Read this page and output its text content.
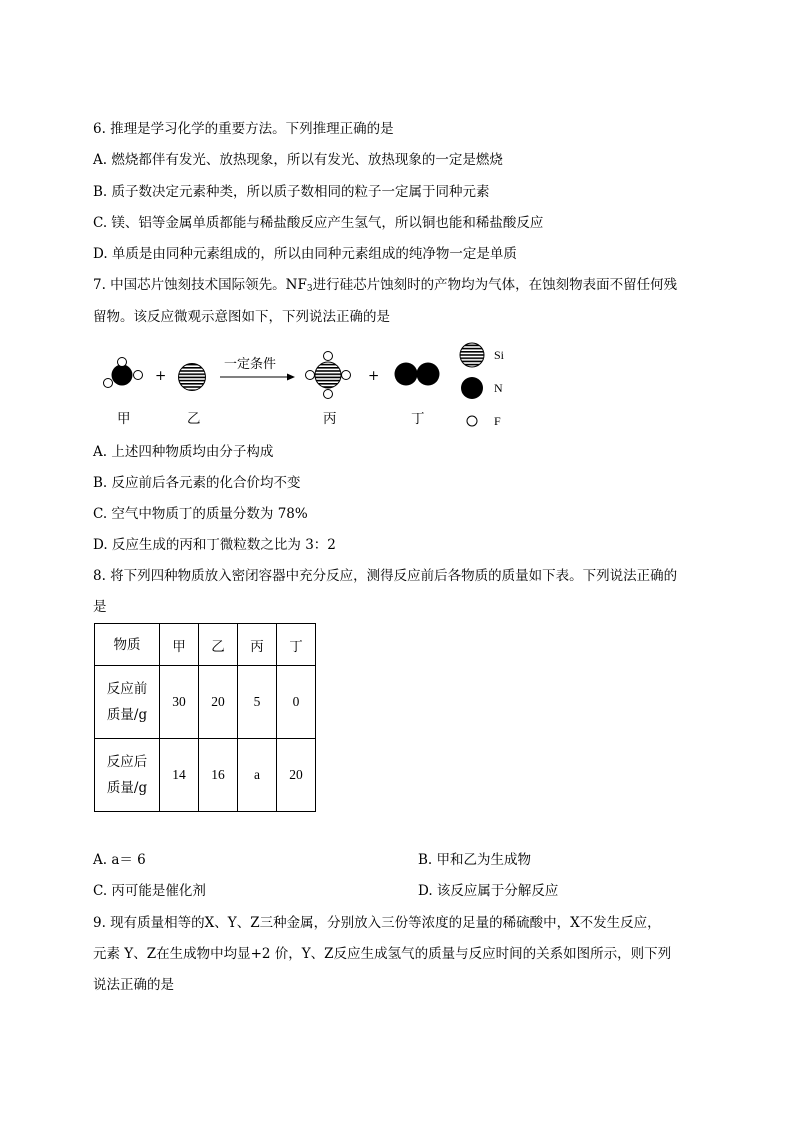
6. 推理是学习化学的重要方法。下列推理正确的是
A. 燃烧都伴有发光、放热现象，所以有发光、放热现象的一定是燃烧
B. 质子数决定元素种类，所以质子数相同的粒子一定属于同种元素
C. 镁、铝等金属单质都能与稀盐酸反应产生氢气，所以铜也能和稀盐酸反应
D. 单质是由同种元素组成的，所以由同种元素组成的纯净物一定是单质
7. 中国芯片蚀刻技术国际领先。$NF_3$进行硅芯片蚀刻时的产物均为气体，在蚀刻物表面不留任何残
留物。该反应微观示意图如下，下列说法正确的是
+	+
一定条件
甲	乙	丙	丁
Si
N
F
A. 上述四种物质均由分子构成
B. 反应前后各元素的化合价均不变
C. 空气中物质丁的质量分数为 78%
D. 反应生成的丙和丁微粒数之比为 3：2
8. 将下列四种物质放入密闭容器中充分反应，测得反应前后各物质的质量如下表。下列说法正确的
是
物质	甲	乙	丙	丁
反应前
质量/g	30	20	5	0
反应后
质量/g	14	16	a	20
A. a＝ 6	B. 甲和乙为生成物
C. 丙可能是催化剂	D. 该反应属于分解反应
9. 现有质量相等的X、Y、Z三种金属，分别放入三份等浓度的足量的稀硫酸中，X不发生反应，
元素 Y、Z在生成物中均显+2 价，Y、Z反应生成氢气的质量与反应时间的关系如图所示，则下列
说法正确的是
